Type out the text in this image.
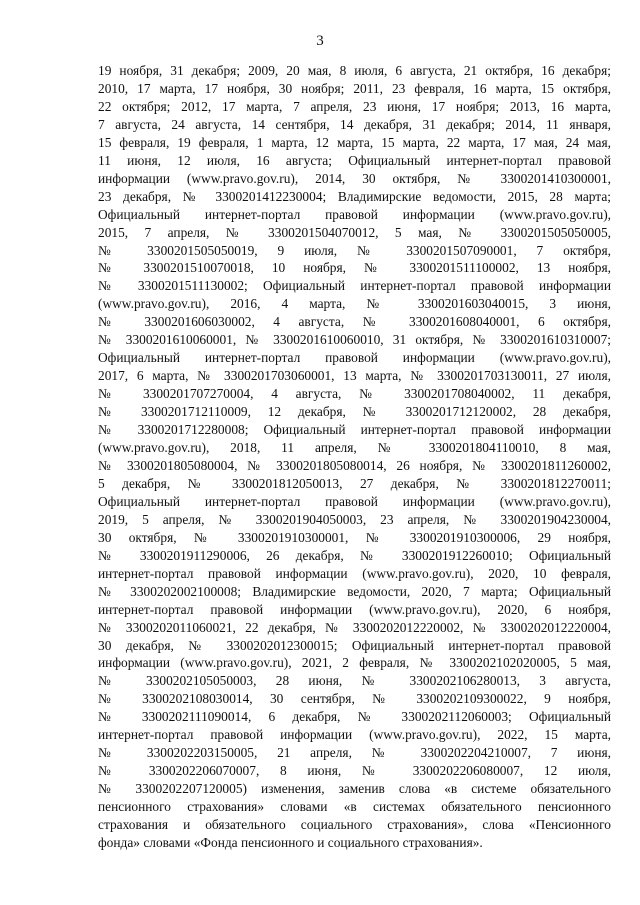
3
19 ноября, 31 декабря; 2009, 20 мая, 8 июля, 6 августа, 21 октября, 16 декабря;
2010, 17 марта, 17 ноября, 30 ноября; 2011, 23 февраля, 16 марта, 15 октября,
22 октября; 2012, 17 марта, 7 апреля, 23 июня, 17 ноября; 2013, 16 марта,
7 августа, 24 августа, 14 сентября, 14 декабря, 31 декабря; 2014, 11 января,
15 февраля, 19 февраля, 1 марта, 12 марта, 15 марта, 22 марта, 17 мая, 24 мая,
11 июня, 12 июля, 16 августа; Официальный интернет-портал правовой
информации (www.pravo.gov.ru), 2014, 30 октября, № 3300201410300001,
23 декабря, № 3300201412230004; Владимирские ведомости, 2015, 28 марта;
Официальный интернет-портал правовой информации (www.pravo.gov.ru),
2015, 7 апреля, № 3300201504070012, 5 мая, № 3300201505050005,
№ 3300201505050019, 9 июля, № 3300201507090001, 7 октября,
№ 3300201510070018, 10 ноября, № 3300201511100002, 13 ноября,
№ 3300201511130002; Официальный интернет-портал правовой информации
(www.pravo.gov.ru), 2016, 4 марта, № 3300201603040015, 3 июня,
№ 3300201606030002, 4 августа, № 3300201608040001, 6 октября,
№ 3300201610060001, № 3300201610060010, 31 октября, № 3300201610310007;
Официальный интернет-портал правовой информации (www.pravo.gov.ru),
2017, 6 марта, № 3300201703060001, 13 марта, № 3300201703130011, 27 июля,
№ 3300201707270004, 4 августа, № 3300201708040002, 11 декабря,
№ 3300201712110009, 12 декабря, № 3300201712120002, 28 декабря,
№ 3300201712280008; Официальный интернет-портал правовой информации
(www.pravo.gov.ru), 2018, 11 апреля, № 3300201804110010, 8 мая,
№ 3300201805080004, № 3300201805080014, 26 ноября, № 3300201811260002,
5 декабря, № 3300201812050013, 27 декабря, № 3300201812270011;
Официальный интернет-портал правовой информации (www.pravo.gov.ru),
2019, 5 апреля, № 3300201904050003, 23 апреля, № 3300201904230004,
30 октября, № 3300201910300001, № 3300201910300006, 29 ноября,
№ 3300201911290006, 26 декабря, № 3300201912260010; Официальный
интернет-портал правовой информации (www.pravo.gov.ru), 2020, 10 февраля,
№ 3300202002100008; Владимирские ведомости, 2020, 7 марта; Официальный
интернет-портал правовой информации (www.pravo.gov.ru), 2020, 6 ноября,
№ 3300202011060021, 22 декабря, № 3300202012220002, № 3300202012220004,
30 декабря, № 3300202012300015; Официальный интернет-портал правовой
информации (www.pravo.gov.ru), 2021, 2 февраля, № 3300202102020005, 5 мая,
№ 3300202105050003, 28 июня, № 3300202106280013, 3 августа,
№ 3300202108030014, 30 сентября, № 3300202109300022, 9 ноября,
№ 3300202111090014, 6 декабря, № 3300202112060003; Официальный
интернет-портал правовой информации (www.pravo.gov.ru), 2022, 15 марта,
№ 3300202203150005, 21 апреля, № 3300202204210007, 7 июня,
№ 3300202206070007, 8 июня, № 3300202206080007, 12 июля,
№ 3300202207120005) изменения, заменив слова «в системе обязательного
пенсионного страхования» словами «в системах обязательного пенсионного
страхования и обязательного социального страхования», слова «Пенсионного
фонда» словами «Фонда пенсионного и социального страхования».
